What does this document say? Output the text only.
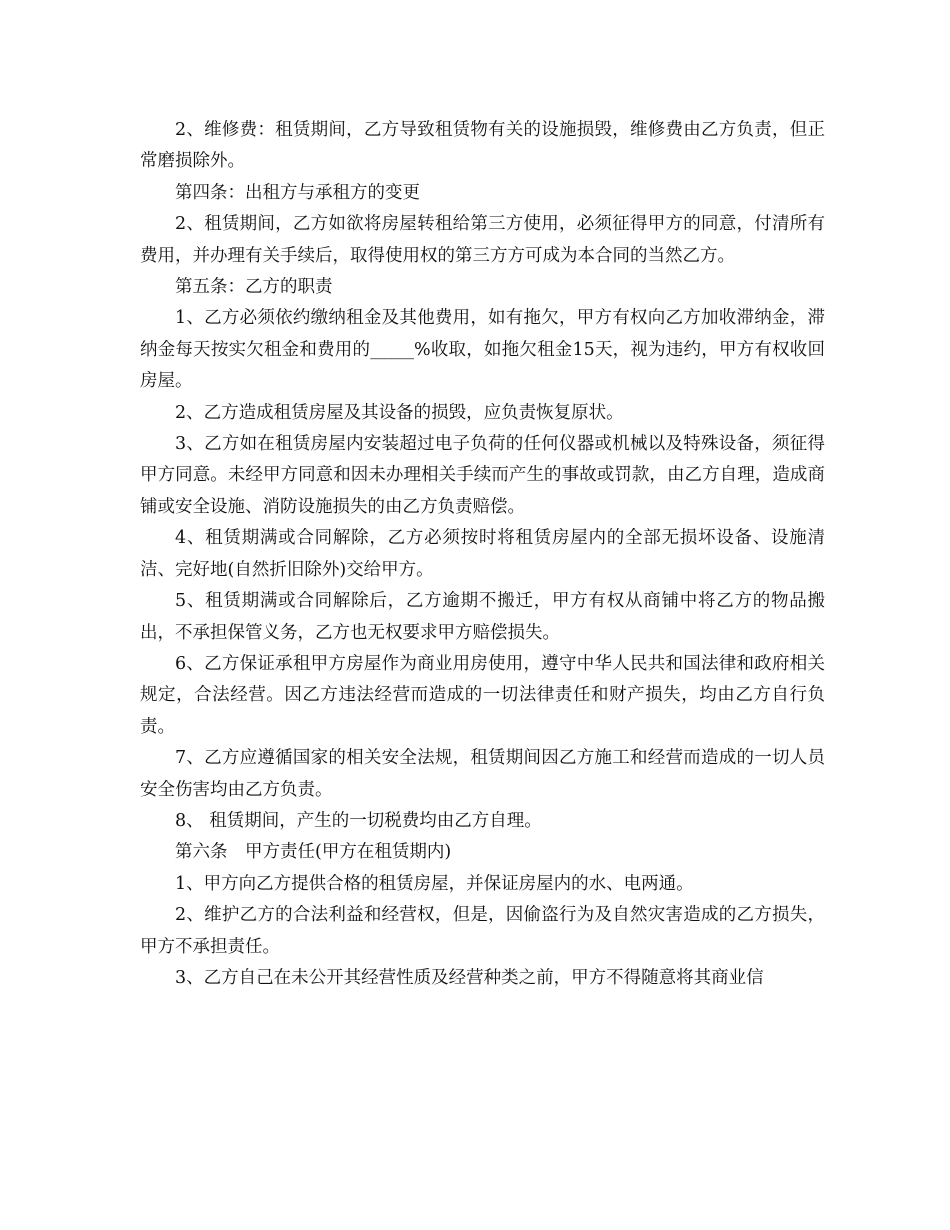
2、维修费：租赁期间，乙方导致租赁物有关的设施损毁，维修费由乙方负责，但正常磨损除外。

第四条：出租方与承租方的变更

2、租赁期间，乙方如欲将房屋转租给第三方使用，必须征得甲方的同意，付清所有费用，并办理有关手续后，取得使用权的第三方方可成为本合同的当然乙方。

第五条：乙方的职责

1、乙方必须依约缴纳租金及其他费用，如有拖欠，甲方有权向乙方加收滞纳金，滞纳金每天按实欠租金和费用的_____%收取，如拖欠租金15天，视为违约，甲方有权收回房屋。

2、乙方造成租赁房屋及其设备的损毁，应负责恢复原状。

3、乙方如在租赁房屋内安装超过电子负荷的任何仪器或机械以及特殊设备，须征得甲方同意。未经甲方同意和因未办理相关手续而产生的事故或罚款，由乙方自理，造成商铺或安全设施、消防设施损失的由乙方负责赔偿。

4、租赁期满或合同解除，乙方必须按时将租赁房屋内的全部无损坏设备、设施清洁、完好地(自然折旧除外)交给甲方。

5、租赁期满或合同解除后，乙方逾期不搬迁，甲方有权从商铺中将乙方的物品搬出，不承担保管义务，乙方也无权要求甲方赔偿损失。

6、乙方保证承租甲方房屋作为商业用房使用，遵守中华人民共和国法律和政府相关规定，合法经营。因乙方违法经营而造成的一切法律责任和财产损失，均由乙方自行负责。

7、乙方应遵循国家的相关安全法规，租赁期间因乙方施工和经营而造成的一切人员安全伤害均由乙方负责。

8、 租赁期间，产生的一切税费均由乙方自理。

第六条　甲方责任(甲方在租赁期内)

1、甲方向乙方提供合格的租赁房屋，并保证房屋内的水、电两通。

2、维护乙方的合法利益和经营权，但是，因偷盗行为及自然灾害造成的乙方损失，甲方不承担责任。

3、乙方自己在未公开其经营性质及经营种类之前，甲方不得随意将其商业信
